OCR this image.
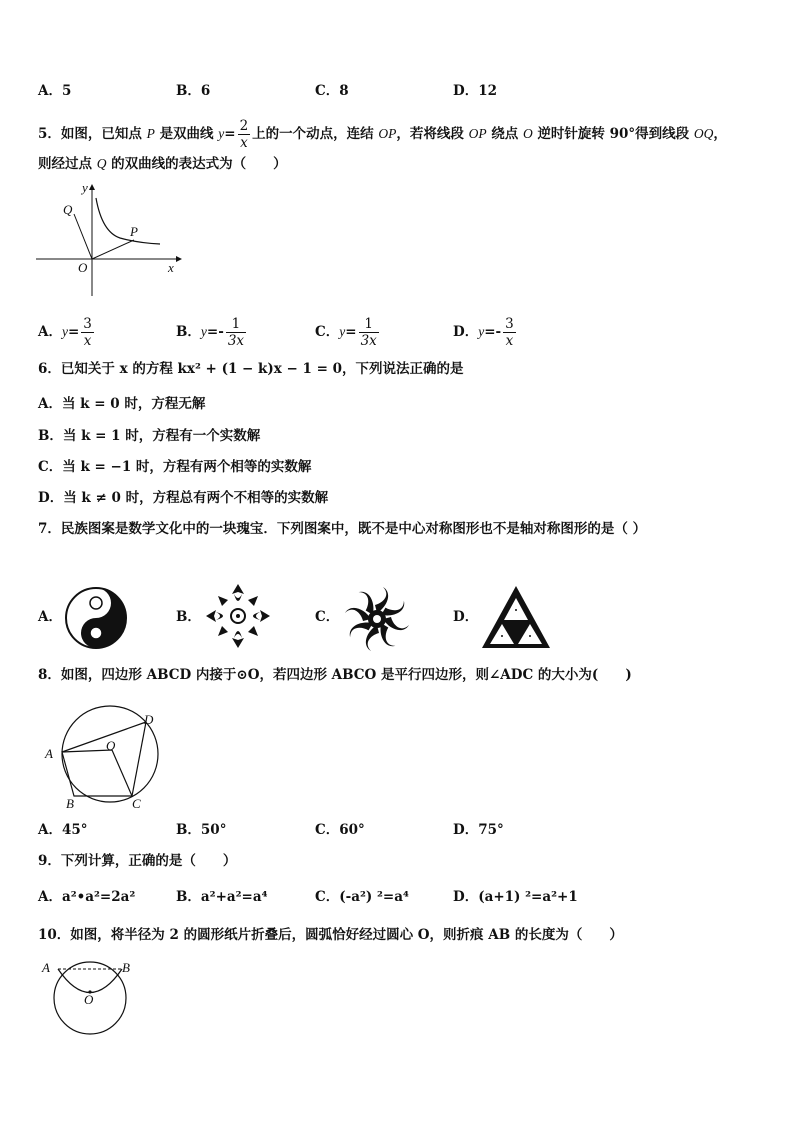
A．5	B．6	C．8	D．12
5．如图，已知点 P 是双曲线 $y= \frac{2}{x}$ 上的一个动点，连结 OP，若将线段 OP 绕点 O 逆时针旋转 90°得到线段 OQ，
则经过点 Q 的双曲线的表达式为（　　）
y
Q
P
O	x
A．$y= \frac{3}{x}$	B．$y=- \frac{1}{3x}$	C．$y= \frac{1}{3x}$	D．$y=- \frac{3}{x}$
6．已知关于 x 的方程 kx² + (1 − k)x − 1 = 0，下列说法正确的是
A．当 k = 0 时，方程无解
B．当 k = 1 时，方程有一个实数解
C．当 k = −1 时，方程有两个相等的实数解
D．当 k ≠ 0 时，方程总有两个不相等的实数解
7．民族图案是数学文化中的一块瑰宝．下列图案中，既不是中心对称图形也不是轴对称图形的是（ ）
A．	B．	C．	D．
8．如图，四边形 ABCD 内接于⊙O，若四边形 ABCO 是平行四边形，则∠ADC 的大小为(　　)
A
B	C
D
O
A．45°	B．50°	C．60°	D．75°
9．下列计算，正确的是（　　）
A．a²•a²=2a²	B．a²+a²=a⁴	C．(-a²) ²=a⁴	D．(a+1) ²=a²+1
10．如图，将半径为 2 的圆形纸片折叠后，圆弧恰好经过圆心 O，则折痕 AB 的长度为（　　）
A	B
O
